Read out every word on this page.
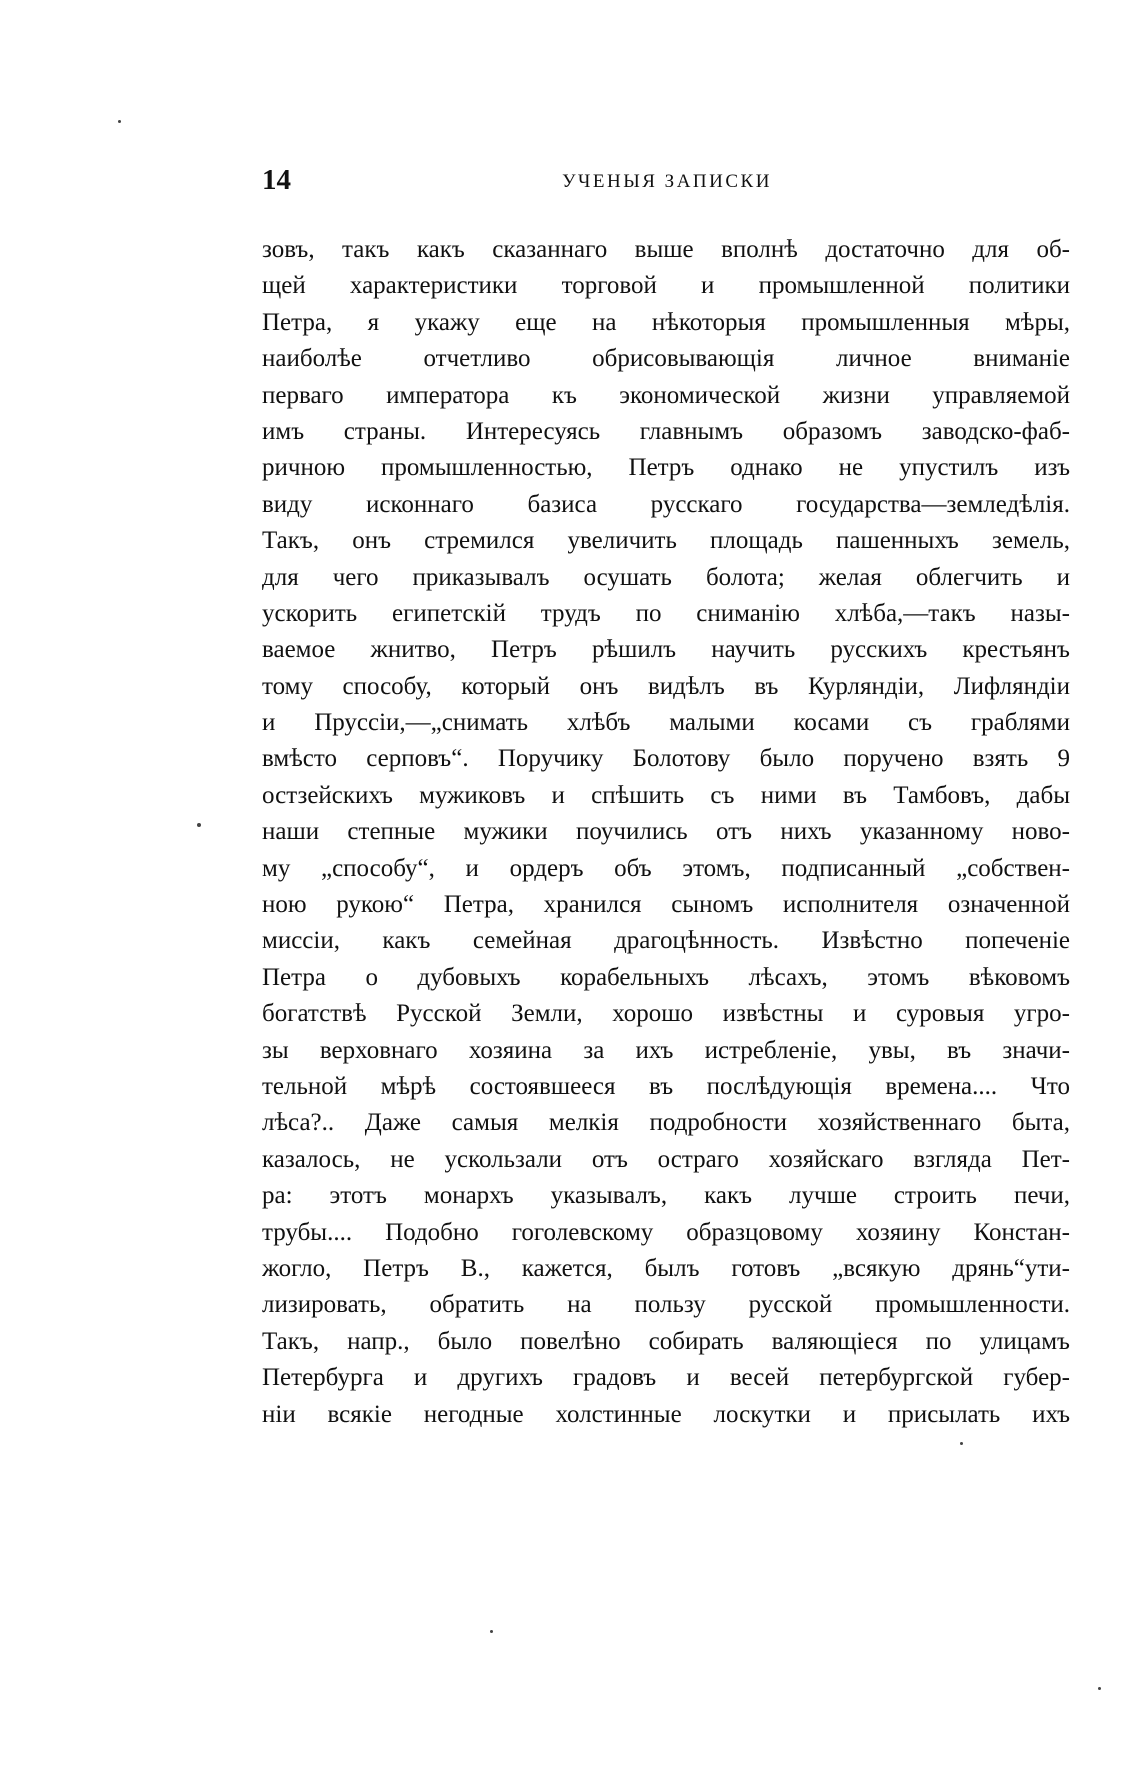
14	УЧЕНЫЯ ЗАПИСКИ
зовъ, такъ какъ сказаннаго выше вполнѣ достаточно для об-
щей характеристики торговой и промышленной политики
Петра, я укажу еще на нѣкоторыя промышленныя мѣры,
наиболѣе отчетливо обрисовывающія личное вниманіе
перваго императора къ экономической жизни управляемой
имъ страны. Интересуясь главнымъ образомъ заводско-фаб-
ричною промышленностью, Петръ однако не упустилъ изъ
виду исконнаго базиса русскаго государства—земледѣлія.
Такъ, онъ стремился увеличить площадь пашенныхъ земель,
для чего приказывалъ осушать болота; желая облегчить и
ускорить египетскій трудъ по сниманію хлѣба,—такъ назы-
ваемое жнитво, Петръ рѣшилъ научить русскихъ крестьянъ
тому способу, который онъ видѣлъ въ Курляндіи, Лифляндіи
и Пруссіи,—„снимать хлѣбъ малыми косами съ граблями
вмѣсто серповъ“. Поручику Болотову было поручено взять 9
остзейскихъ мужиковъ и спѣшить съ ними въ Тамбовъ, дабы
наши степные мужики поучились отъ нихъ указанному ново-
му „способу“, и ордеръ объ этомъ, подписанный „собствен-
ною рукою“ Петра, хранился сыномъ исполнителя означенной
миссіи, какъ семейная драгоцѣнность. Извѣстно попеченіе
Петра о дубовыхъ корабельныхъ лѣсахъ, этомъ вѣковомъ
богатствѣ Русской Земли, хорошо извѣстны и суровыя угро-
зы верховнаго хозяина за ихъ истребленіе, увы, въ значи-
тельной мѣрѣ состоявшееся въ послѣдующія времена.... Что
лѣса?.. Даже самыя мелкія подробности хозяйственнаго быта,
казалось, не ускользали отъ остраго хозяйскаго взгляда Пет-
ра: этотъ монархъ указывалъ, какъ лучше строить печи,
трубы.... Подобно гоголевскому образцовому хозяину Констан-
жогло, Петръ В., кажется, былъ готовъ „всякую дрянь“ути-
лизировать, обратить на пользу русской промышленности.
Такъ, напр., было повелѣно собирать валяющіеся по улицамъ
Петербурга и другихъ градовъ и весей петербургской губер-
ніи всякіе негодные холстинные лоскутки и присылать ихъ
